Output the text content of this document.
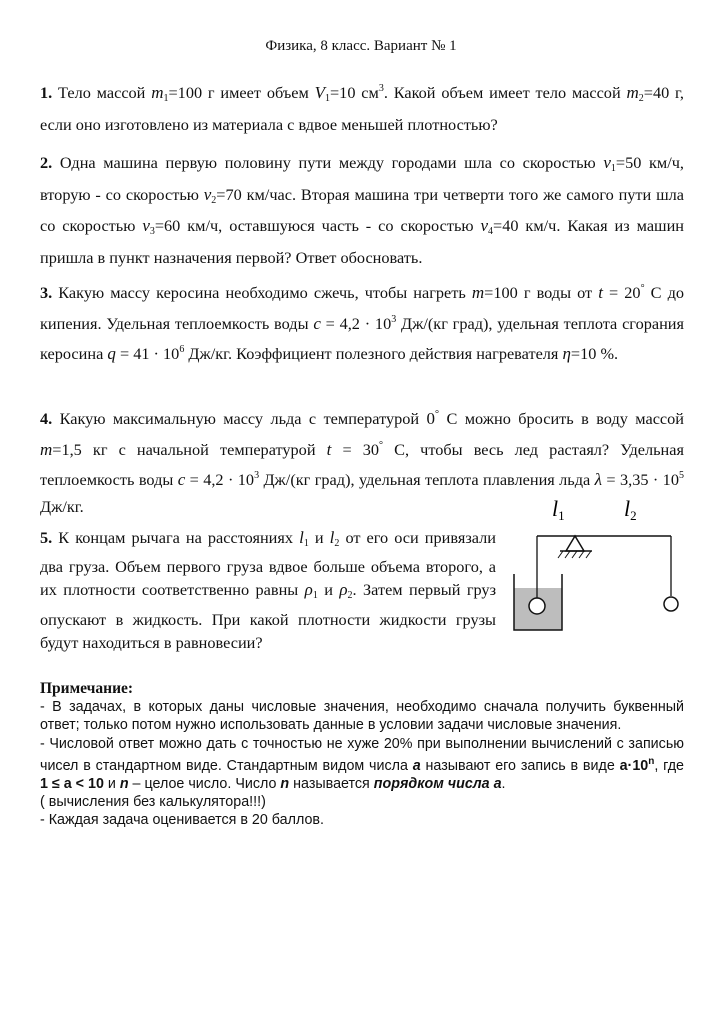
Физика, 8 класс. Вариант № 1
1. Тело массой $m_1=100$ г имеет объем $V_1=10$ $см^3$. Какой объем имеет тело массой $m_2=40$ г, если оно изготовлено из материала с вдвое меньшей плотностью?
2. Одна машина первую половину пути между городами шла со скоростью $v_1=50$ км/ч, вторую - со скоростью $v_2=70$ км/час. Вторая машина три четверти того же самого пути шла со скоростью $v_3=60$ км/ч, оставшуюся часть - со скоростью $v_4=40$ км/ч. Какая из машин пришла в пункт назначения первой? Ответ обосновать.
3. Какую массу керосина необходимо сжечь, чтобы нагреть m=100 г воды от t = 20° С до кипения. Удельная теплоемкость воды $c = 4,2 \cdot 10^3$ Дж/(кг град), удельная теплота сгорания керосина $q = 41 \cdot 10^6$ Дж/кг. Коэффициент полезного действия нагревателя η=10 %.
4. Какую максимальную массу льда с температурой 0° С можно бросить в воду массой m=1,5 кг с начальной температурой t = 30° С, чтобы весь лед растаял? Удельная теплоемкость воды $c = 4,2 \cdot 10^3$ Дж/(кг град), удельная теплота плавления льда $\lambda = 3,35 \cdot 10^5$ Дж/кг.
5. К концам рычага на расстояниях $l_1$ и $l_2$ от его оси привязали два груза. Объем первого груза вдвое больше объема второго, а их плотности соответственно равны $\rho_1$ и $\rho_2$. Затем первый груз опускают в жидкость. При какой плотности жидкости грузы будут находиться в равновесии?
l1	l2
Примечание:
- В задачах, в которых даны числовые значения, необходимо сначала получить буквенный ответ; только потом нужно использовать данные в условии задачи числовые значения.
- Числовой ответ можно дать с точностью не хуже 20% при выполнении вычислений с записью чисел в стандартном виде. Стандартным видом числа а называют его запись в виде $а\cdot 10^n$, где 1 ≤ а < 10 и n – целое число. Число n называется порядком числа а.
( вычисления без калькулятора!!!)
- Каждая задача оценивается в 20 баллов.
